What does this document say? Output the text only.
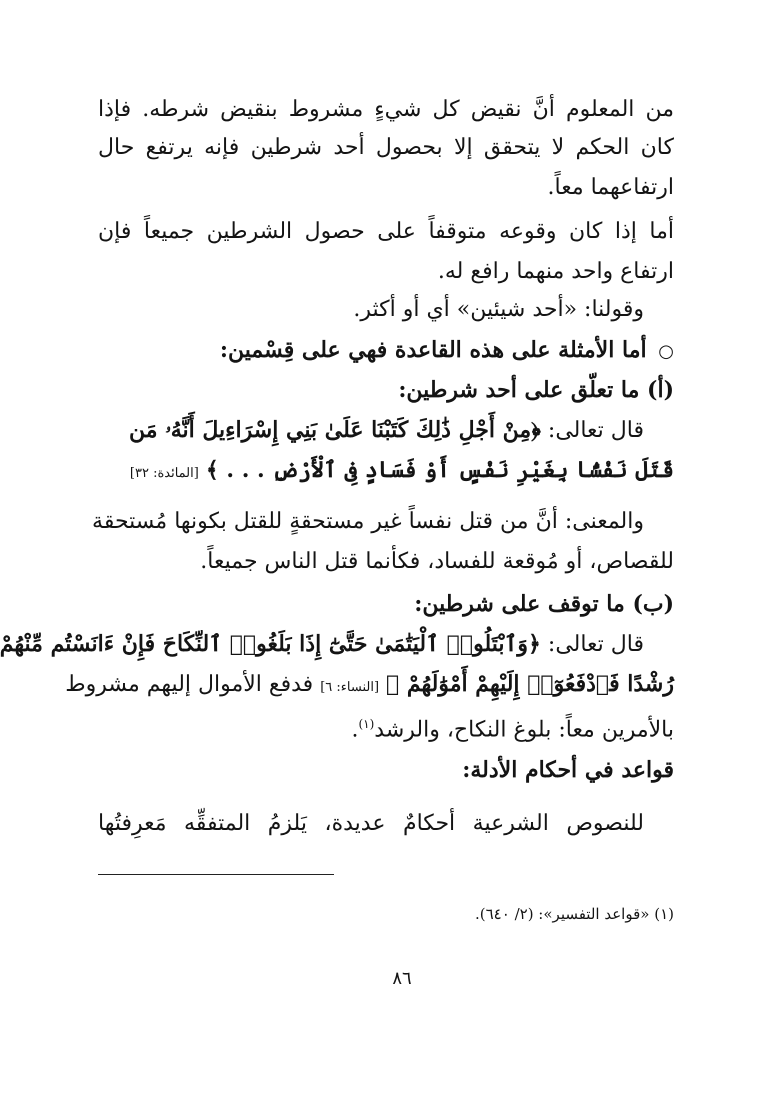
من المعلوم أنَّ نقيض كل شيءٍ مشروط بنقيض شرطه. فإذا
كان الحكم لا يتحقق إلا بحصول أحد شرطين فإنه يرتفع حال
ارتفاعهما معاً.
أما إذا كان وقوعه متوقفاً على حصول الشرطين جميعاً فإن
ارتفاع واحد منهما رافع له.
وقولنا: «أحد شيئين» أي أو أكثر.
○ أما الأمثلة على هذه القاعدة فهي على قِسْمين:
(أ) ما تعلّق على أحد شرطين:
قال تعالى: ﴿مِنْ أَجْلِ ذَٰلِكَ كَتَبْنَا عَلَىٰ بَنِي إِسْرَاءِيلَ أَنَّهُۥ مَن
قَتَلَ نَفْسًۢا بِغَيْرِ نَفْسٍ أَوْ فَسَادٍ فِى ٱلْأَرْضِ . . . ﴾ [المائدة: ٣٢]
والمعنى: أنَّ من قتل نفساً غير مستحقةٍ للقتل بكونها مُستحقة
للقصاص، أو مُوقعة للفساد، فكأنما قتل الناس جميعاً.
(ب) ما توقف على شرطين:
قال تعالى: ﴿وَٱبْتَلُوا۟ ٱلْيَتَٰمَىٰ حَتَّىٰٓ إِذَا بَلَغُوا۟ ٱلنِّكَاحَ فَإِنْ ءَانَسْتُم مِّنْهُمْ
رُشْدًا فَٱدْفَعُوٓا۟ إِلَيْهِمْ أَمْوَٰلَهُمْ ﴾ [النساء: ٦] فدفع الأموال إليهم مشروط
بالأمرين معاً: بلوغ النكاح، والرشد$^{(١)}$.
قواعد في أحكام الأدلة:
للنصوص الشرعية أحكامٌ عديدة، يَلزمُ المتفقِّه مَعرِفتُها
(١) «قواعد التفسير»: (٢/ ٦٤٠).
٨٦
